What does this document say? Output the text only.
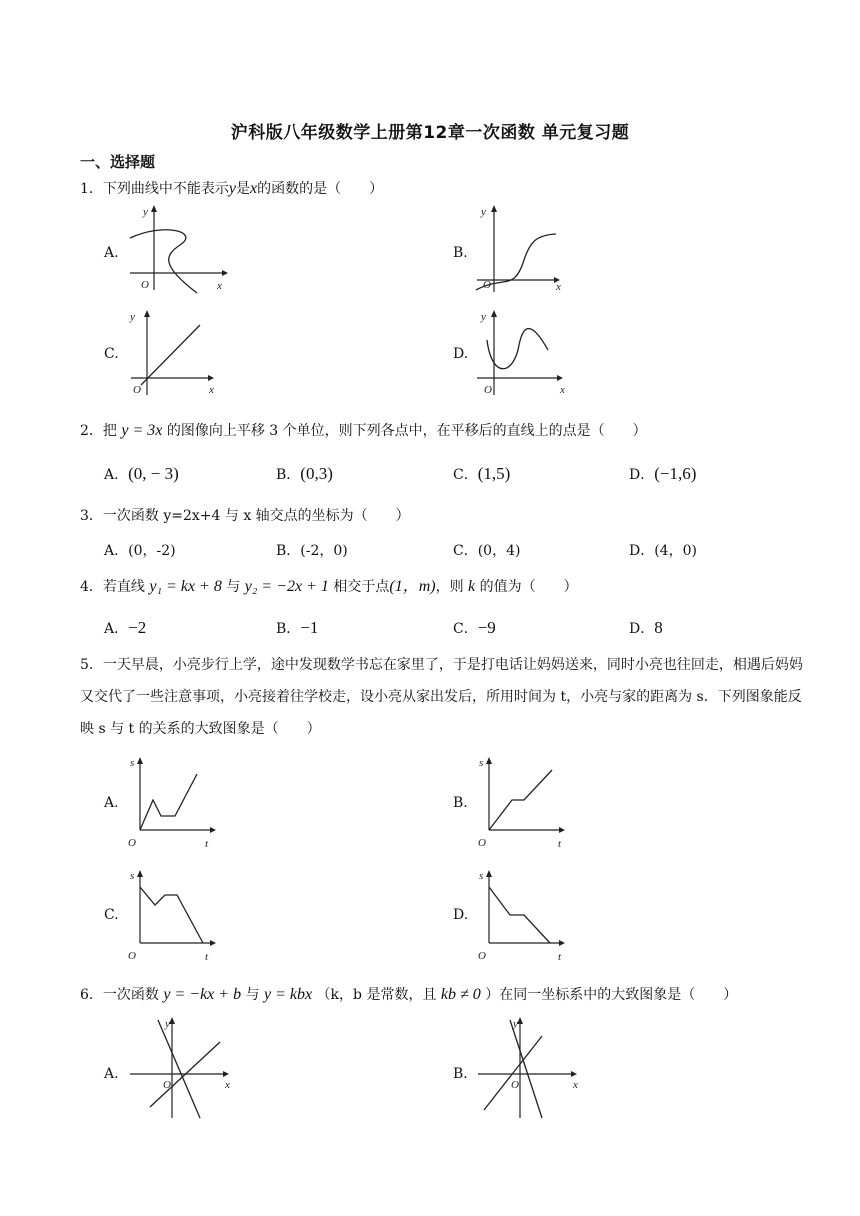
沪科版八年级数学上册第12章一次函数 单元复习题
一、选择题
1．下列曲线中不能表示y是x的函数的是（　　）
A.	B.
C.	D.
y
O	x
y
O	x
y
O	x
y
O	x
2．把 y = 3x 的图像向上平移 3 个单位，则下列各点中，在平移后的直线上的点是（　　）
A．(0, − 3)	B．(0,3)	C．(1,5)	D．(−1,6)
3．一次函数 y=2x+4 与 x 轴交点的坐标为（　　）
A．(0，-2)	B．(-2，0)	C．(0，4)	D．(4，0)
4．若直线 y₁ = kx + 8 与 y₂ = −2x + 1 相交于点(1，m)，则 k 的值为（　　）
A．−2	B．−1	C．−9	D．8
5．一天早晨，小亮步行上学，途中发现数学书忘在家里了，于是打电话让妈妈送来，同时小亮也往回走，相遇后妈妈又交代了一些注意事项，小亮接着往学校走，设小亮从家出发后，所用时间为 t，小亮与家的距离为 s．下列图象能反映 s 与 t 的关系的大致图象是（　　）
A.	B.
C.	D.
s
O	t
s
O	t
s
O	t
s
O	t
6．一次函数 y = −kx + b 与 y = kbx （k，b 是常数，且 kb ≠ 0 ）在同一坐标系中的大致图象是（　　）
A.	B.
y
O	x
y
O	x
